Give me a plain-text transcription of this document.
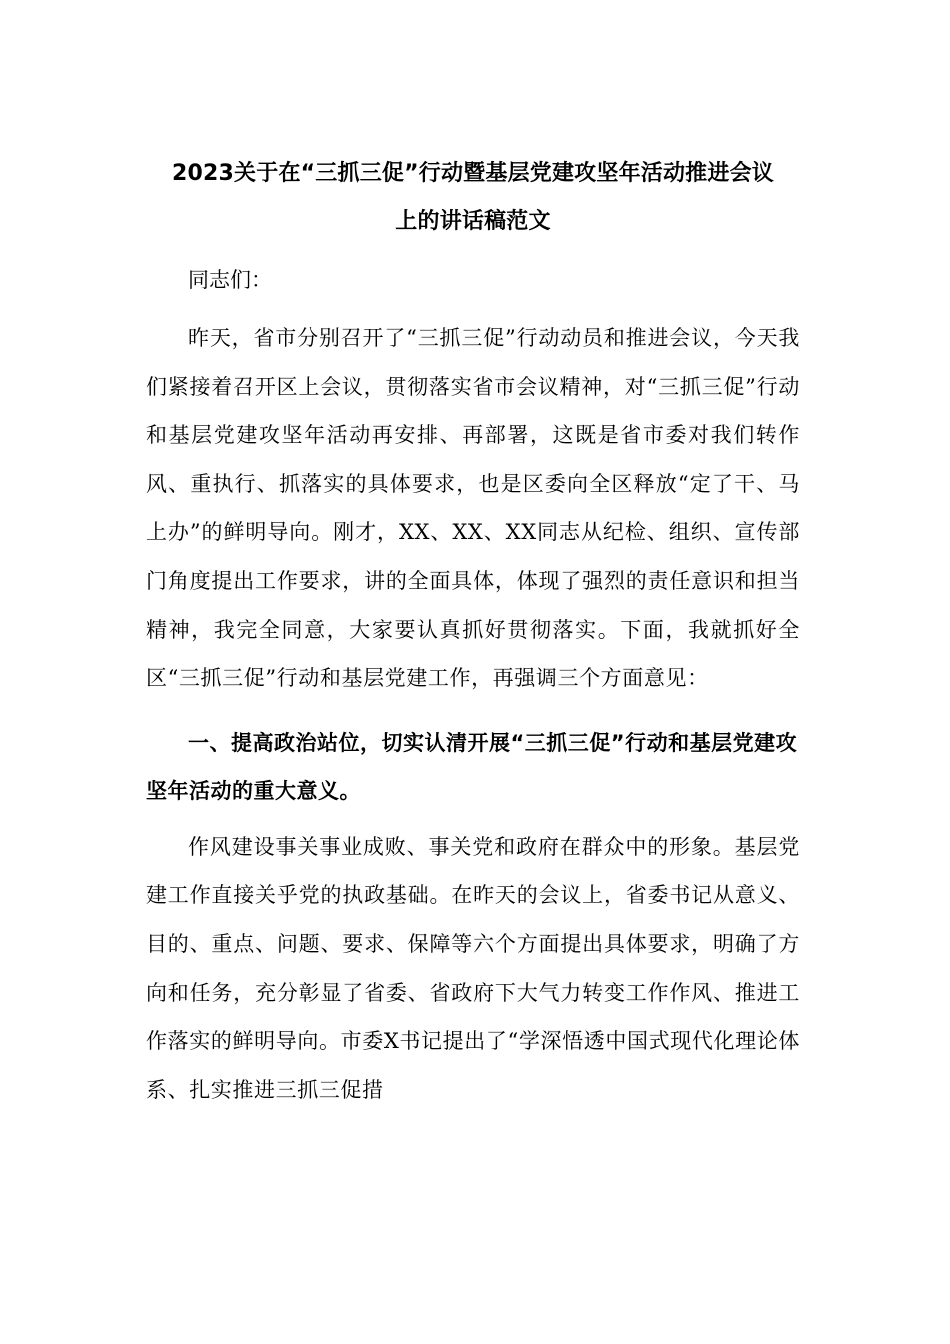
2023关于在“三抓三促”行动暨基层党建攻坚年活动推进会议
上的讲话稿范文

同志们：

昨天，省市分别召开了“三抓三促”行动动员和推进会议，今天我们紧接着召开区上会议，贯彻落实省市会议精神，对“三抓三促”行动和基层党建攻坚年活动再安排、再部署，这既是省市委对我们转作风、重执行、抓落实的具体要求，也是区委向全区释放“定了干、马上办”的鲜明导向。刚才，XX、XX、XX同志从纪检、组织、宣传部门角度提出工作要求，讲的全面具体，体现了强烈的责任意识和担当精神，我完全同意，大家要认真抓好贯彻落实。下面，我就抓好全区“三抓三促”行动和基层党建工作，再强调三个方面意见：

一、提高政治站位，切实认清开展“三抓三促”行动和基层党建攻坚年活动的重大意义。

作风建设事关事业成败、事关党和政府在群众中的形象。基层党建工作直接关乎党的执政基础。在昨天的会议上，省委书记从意义、目的、重点、问题、要求、保障等六个方面提出具体要求，明确了方向和任务，充分彰显了省委、省政府下大气力转变工作作风、推进工作落实的鲜明导向。市委X书记提出了“学深悟透中国式现代化理论体系、扎实推进三抓三促措
